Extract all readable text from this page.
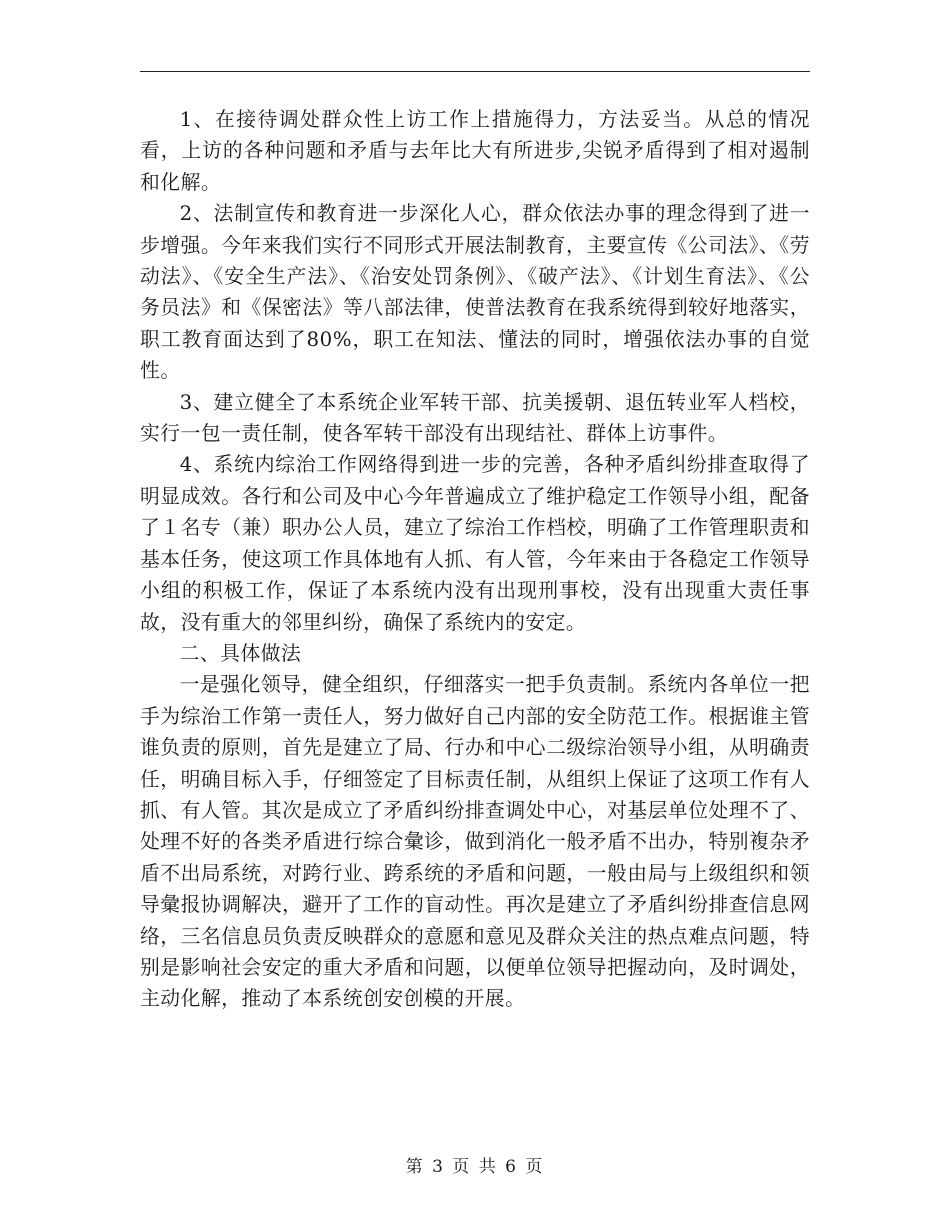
1、在接待调处群众性上访工作上措施得力，方法妥当。从总的情况看，上访的各种问题和矛盾与去年比大有所进步,尖锐矛盾得到了相对遏制和化解。

2、法制宣传和教育进一步深化人心，群众依法办事的理念得到了进一步增强。今年来我们实行不同形式开展法制教育，主要宣传《公司法》、《劳动法》、《安全生产法》、《治安处罚条例》、《破产法》、《计划生育法》、《公务员法》和《保密法》等八部法律，使普法教育在我系统得到较好地落实，职工教育面达到了80%，职工在知法、懂法的同时，增强依法办事的自觉性。

3、建立健全了本系统企业军转干部、抗美援朝、退伍转业军人档校，实行一包一责任制，使各军转干部没有出现结社、群体上访事件。

4、系统内综治工作网络得到进一步的完善，各种矛盾纠纷排查取得了明显成效。各行和公司及中心今年普遍成立了维护稳定工作领导小组，配备了１名专（兼）职办公人员，建立了综治工作档校，明确了工作管理职责和基本任务，使这项工作具体地有人抓、有人管，今年来由于各稳定工作领导小组的积极工作，保证了本系统内没有出现刑事校，没有出现重大责任事故，没有重大的邻里纠纷，确保了系统内的安定。

二、具体做法

一是强化领导，健全组织，仔细落实一把手负责制。系统内各单位一把手为综治工作第一责任人，努力做好自己内部的安全防范工作。根据谁主管谁负责的原则，首先是建立了局、行办和中心二级综治领导小组，从明确责任，明确目标入手，仔细签定了目标责任制，从组织上保证了这项工作有人抓、有人管。其次是成立了矛盾纠纷排查调处中心，对基层单位处理不了、处理不好的各类矛盾进行综合彙诊，做到消化一般矛盾不出办，特别複杂矛盾不出局系统，对跨行业、跨系统的矛盾和问题，一般由局与上级组织和领导彙报协调解决，避开了工作的盲动性。再次是建立了矛盾纠纷排查信息网络，三名信息员负责反映群众的意愿和意见及群众关注的热点难点问题，特别是影响社会安定的重大矛盾和问题，以便单位领导把握动向，及时调处，主动化解，推动了本系统创安创模的开展。

第 3 页 共 6 页
